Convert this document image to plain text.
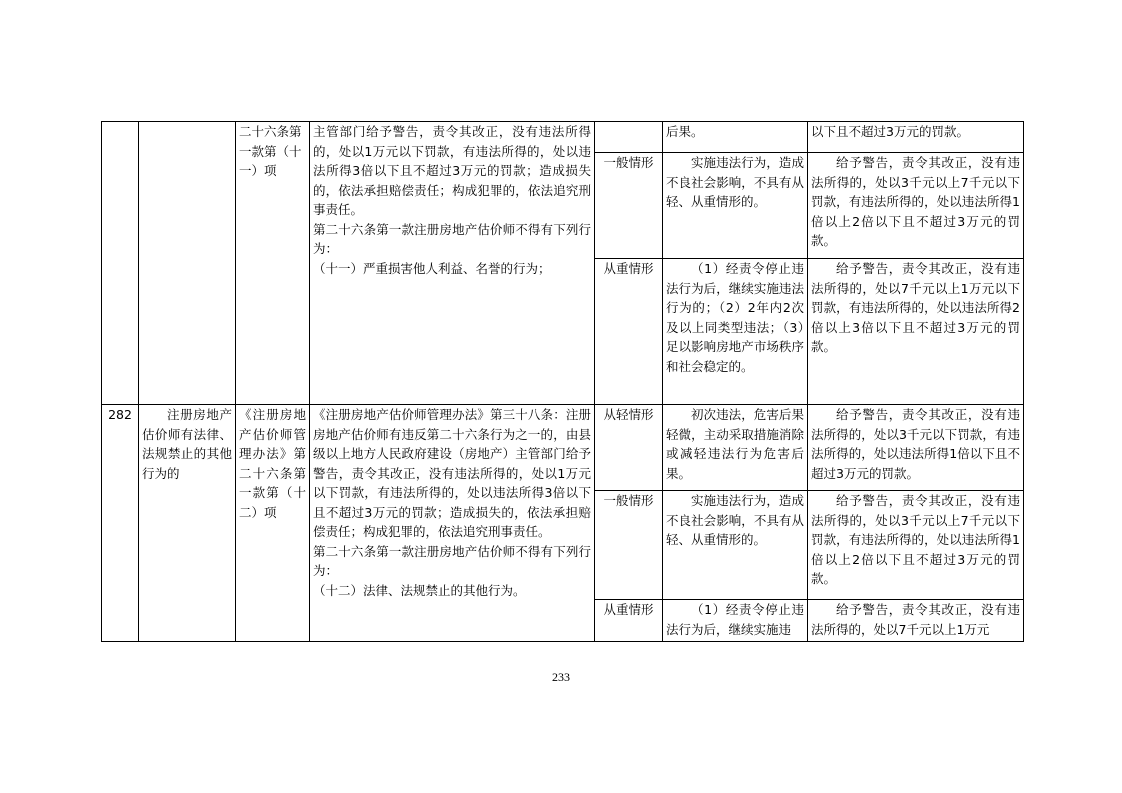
		二十六条第一款第（十一）项	主管部门给予警告，责令其改正，没有违法所得的，处以1万元以下罚款，有违法所得的，处以违法所得3倍以下且不超过3万元的罚款；造成损失的，依法承担赔偿责任；构成犯罪的，依法追究刑事责任。
第二十六条第一款注册房地产估价师不得有下列行为：
（十一）严重损害他人利益、名誉的行为；		后果。	以下且不超过3万元的罚款。
				一般情形	实施违法行为，造成不良社会影响，不具有从轻、从重情形的。	给予警告，责令其改正，没有违法所得的，处以3千元以上7千元以下罚款，有违法所得的，处以违法所得1倍以上2倍以下且不超过3万元的罚款。
				从重情形	（1）经责令停止违法行为后，继续实施违法行为的；（2）2年内2次及以上同类型违法；（3）足以影响房地产市场秩序和社会稳定的。	给予警告，责令其改正，没有违法所得的，处以7千元以上1万元以下罚款，有违法所得的，处以违法所得2倍以上3倍以下且不超过3万元的罚款。
282	注册房地产估价师有法律、法规禁止的其他行为的	《注册房地产估价师管理办法》第二十六条第一款第（十二）项	《注册房地产估价师管理办法》第三十八条：注册房地产估价师有违反第二十六条行为之一的，由县级以上地方人民政府建设（房地产）主管部门给予警告，责令其改正，没有违法所得的，处以1万元以下罚款，有违法所得的，处以违法所得3倍以下且不超过3万元的罚款；造成损失的，依法承担赔偿责任；构成犯罪的，依法追究刑事责任。
第二十六条第一款注册房地产估价师不得有下列行为：
（十二）法律、法规禁止的其他行为。	从轻情形	初次违法，危害后果轻微，主动采取措施消除或减轻违法行为危害后果。	给予警告，责令其改正，没有违法所得的，处以3千元以下罚款，有违法所得的，处以违法所得1倍以下且不超过3万元的罚款。
				一般情形	实施违法行为，造成不良社会影响，不具有从轻、从重情形的。	给予警告，责令其改正，没有违法所得的，处以3千元以上7千元以下罚款，有违法所得的，处以违法所得1倍以上2倍以下且不超过3万元的罚款。
				从重情形	（1）经责令停止违法行为后，继续实施违	给予警告，责令其改正，没有违法所得的，处以7千元以上1万元
233
